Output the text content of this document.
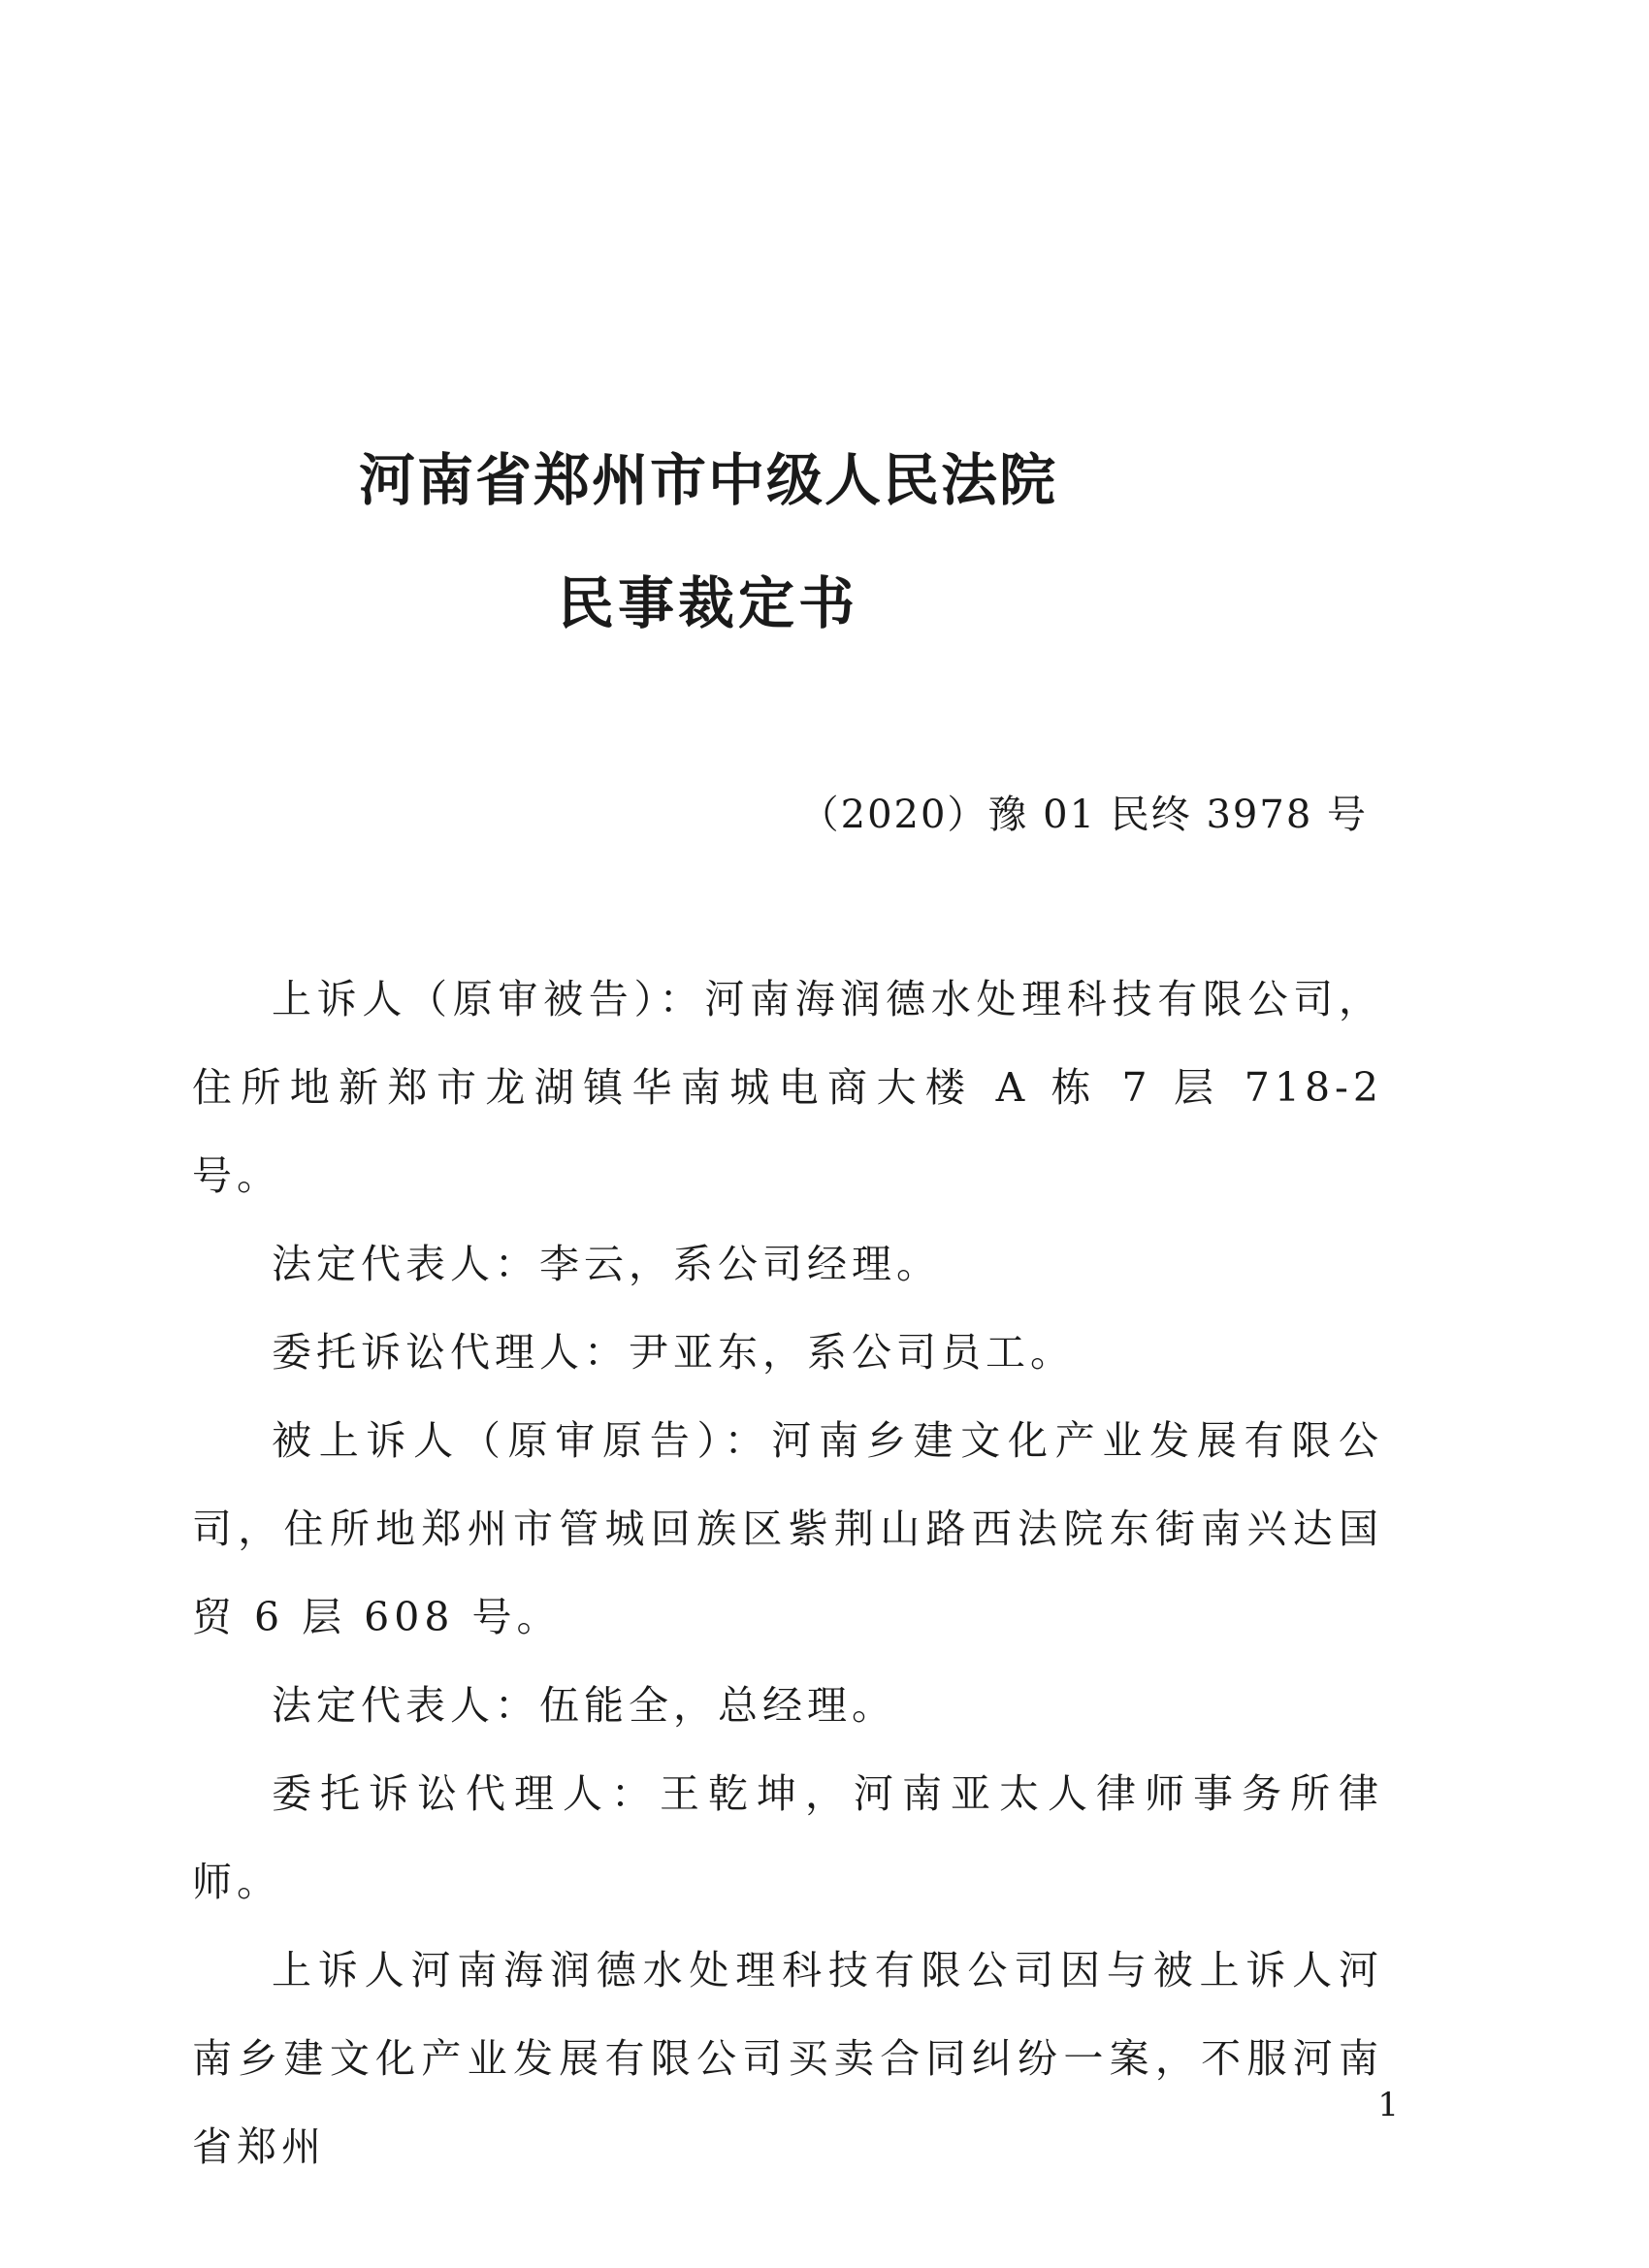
河南省郑州市中级人民法院
民事裁定书
（2020）豫 01 民终 3978 号

上诉人（原审被告）：河南海润德水处理科技有限公司，住所地新郑市龙湖镇华南城电商大楼 A 栋 7 层 718-2 号。

法定代表人：李云，系公司经理。

委托诉讼代理人：尹亚东，系公司员工。

被上诉人（原审原告）：河南乡建文化产业发展有限公司，住所地郑州市管城回族区紫荆山路西法院东街南兴达国贸 6 层 608 号。

法定代表人：伍能全，总经理。

委托诉讼代理人：王乾坤，河南亚太人律师事务所律师。

上诉人河南海润德水处理科技有限公司因与被上诉人河南乡建文化产业发展有限公司买卖合同纠纷一案，不服河南省郑州

1
